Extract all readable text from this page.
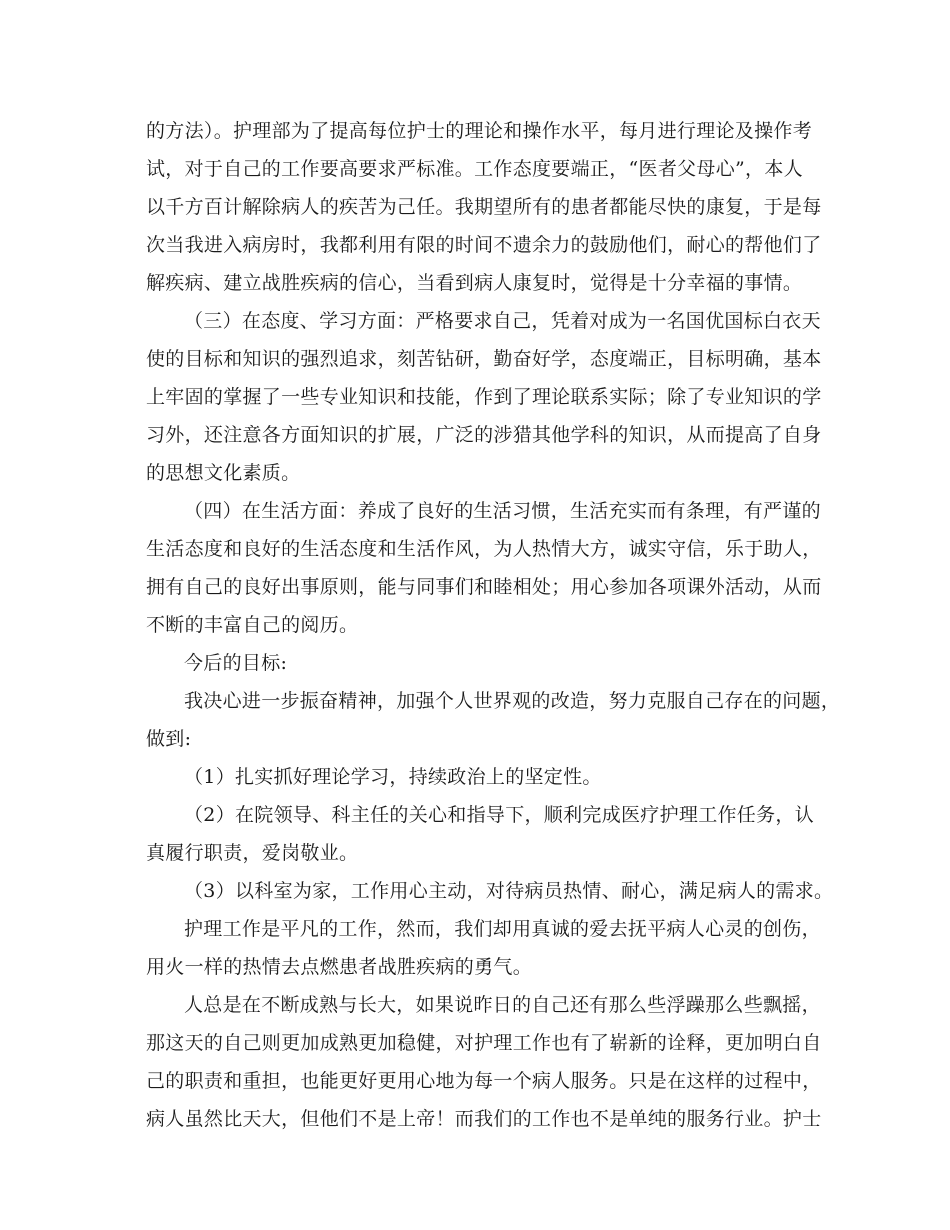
的方法）。护理部为了提高每位护士的理论和操作水平，每月进行理论及操作考
试，对于自己的工作要高要求严标准。工作态度要端正，“医者父母心”，本人
以千方百计解除病人的疾苦为己任。我期望所有的患者都能尽快的康复，于是每
次当我进入病房时，我都利用有限的时间不遗余力的鼓励他们，耐心的帮他们了
解疾病、建立战胜疾病的信心，当看到病人康复时，觉得是十分幸福的事情。
（三）在态度、学习方面：严格要求自己，凭着对成为一名国优国标白衣天
使的目标和知识的强烈追求，刻苦钻研，勤奋好学，态度端正，目标明确，基本
上牢固的掌握了一些专业知识和技能，作到了理论联系实际；除了专业知识的学
习外，还注意各方面知识的扩展，广泛的涉猎其他学科的知识，从而提高了自身
的思想文化素质。
（四）在生活方面：养成了良好的生活习惯，生活充实而有条理，有严谨的
生活态度和良好的生活态度和生活作风，为人热情大方，诚实守信，乐于助人，
拥有自己的良好出事原则，能与同事们和睦相处；用心参加各项课外活动，从而
不断的丰富自己的阅历。
今后的目标:
我决心进一步振奋精神，加强个人世界观的改造，努力克服自己存在的问题，
做到:
（1）扎实抓好理论学习，持续政治上的坚定性。
（2）在院领导、科主任的关心和指导下，顺利完成医疗护理工作任务，认
真履行职责，爱岗敬业。
（3）以科室为家，工作用心主动，对待病员热情、耐心，满足病人的需求。
护理工作是平凡的工作，然而，我们却用真诚的爱去抚平病人心灵的创伤，
用火一样的热情去点燃患者战胜疾病的勇气。
人总是在不断成熟与长大，如果说昨日的自己还有那么些浮躁那么些飘摇，
那这天的自己则更加成熟更加稳健，对护理工作也有了崭新的诠释，更加明白自
己的职责和重担，也能更好更用心地为每一个病人服务。只是在这样的过程中，
病人虽然比天大，但他们不是上帝！而我们的工作也不是单纯的服务行业。护士
